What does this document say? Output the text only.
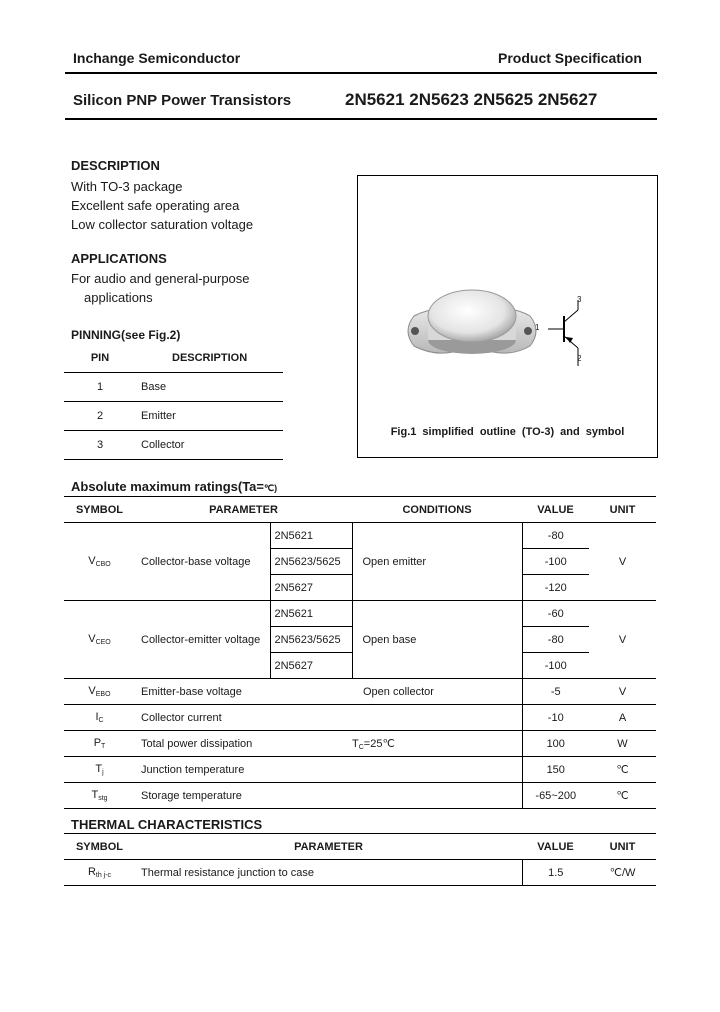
Inchange Semiconductor	Product Specification
Silicon PNP Power Transistors	2N5621 2N5623 2N5625 2N5627
DESCRIPTION
With TO-3 package
Excellent safe operating area
Low collector saturation voltage
APPLICATIONS
For audio and general-purpose
applications
PINNING(see Fig.2)
PIN	DESCRIPTION
1	Base
2	Emitter
3	Collector
1
3
2
Fig.1 simplified outline (TO-3) and symbol
Absolute maximum ratings(Ta=℃)
SYMBOL	PARAMETER		CONDITIONS	VALUE	UNIT
$V_{CBO}$	Collector-base voltage	2N5621	Open emitter	-80	V
		2N5623/5625		-100	
		2N5627		-120	
$V_{CEO}$	Collector-emitter voltage	2N5621	Open base	-60	V
		2N5623/5625		-80	
		2N5627		-100	
$V_{EBO}$	Emitter-base voltage		Open collector	-5	V
$I_C$	Collector current			-10	A
$P_T$	Total power dissipation		$T_C=25℃$	100	W
$T_j$	Junction temperature			150	℃
$T_{stg}$	Storage temperature			-65~200	℃
THERMAL CHARACTERISTICS
SYMBOL	PARAMETER	VALUE	UNIT
$R_{th j-c}$	Thermal resistance junction to case	1.5	℃/W
